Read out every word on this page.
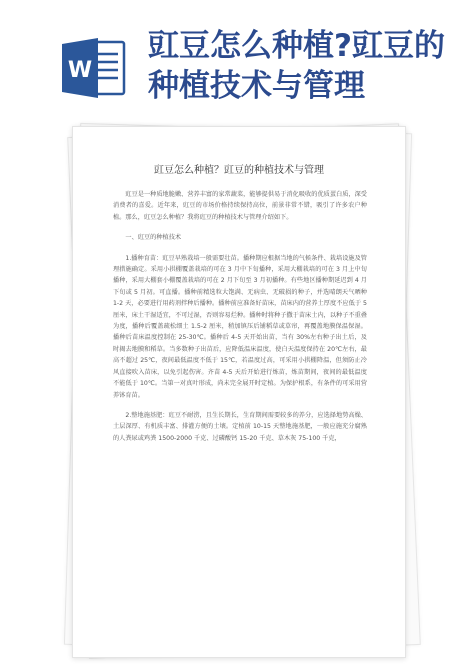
W
豇豆怎么种植?豇豆的种植技术与管理
豇豆怎么种植？豇豆的种植技术与管理

豇豆是一种质地脆嫩、营养丰富的家常蔬菜，能够提供易于消化吸收的优质蛋白质，深受消费者的喜爱。近年来，豇豆的市场价格持续保持高位，前景非常不错，吸引了许多农户种植。那么，豇豆怎么种植？我将豇豆的种植技术与管理介绍如下。

一、豇豆的种植技术

1.播种育苗：豇豆早熟栽培一般需要壮苗。播种期应根据当地的气候条件、栽培设施及管理措施确定。采用小拱棚覆盖栽培的可在 3 月中下旬播种，采用大棚栽培的可在 3 月上中旬播种，采用大棚套小棚覆盖栽培的可在 2 月下旬至 3 月初播种。有些地区播种期延迟到 4 月下旬或 5 月初。可直播。播种前精选粒大饱满、无病虫、无破损的种子，并选晴朗天气晒种 1-2 天，必要进行用药剂拌种后播种。播种前应准备好苗床，苗床内的营养土厚度不应低于 5 厘米，床土干湿适宜，不可过湿，否则容易烂种。播种时将种子撒于苗床土内，以种子不重叠为度，播种后覆盖疏松细土 1.5-2 厘米，稍加镇压后铺稻草或草帘，再覆盖地膜保温保湿。播种后苗床温度控制在 25-30℃。播种后 4-5 天开始出苗，当有 30%左右种子出土后，及时揭去地膜和稻草。当多数种子出苗后，应降低温床温度，使白天温度保持在 20℃左右，最高不超过 25℃，夜间最低温度不低于 15℃，若温度过高，可采用小拱棚降温，但须防止冷风直接吹入苗床，以免引起伤害。齐苗 4-5 天后开始进行炼苗，炼苗期间，夜间的最低温度不能低于 10℃。当第一对真叶形成，尚未完全展开时定植。为保护根系，有条件的可采用营养钵育苗。

2.整地施基肥：豇豆不耐涝，且生长期长，生育期间需要较多的养分，应选择地势高燥、土层深厚、有机质丰富、排灌方便的土壤。定植前 10-15 天整地施基肥，一般应施充分腐熟的人粪尿或鸡粪 1500-2000 千克、过磷酸钙 15-20 千克、草木灰 75-100 千克，
